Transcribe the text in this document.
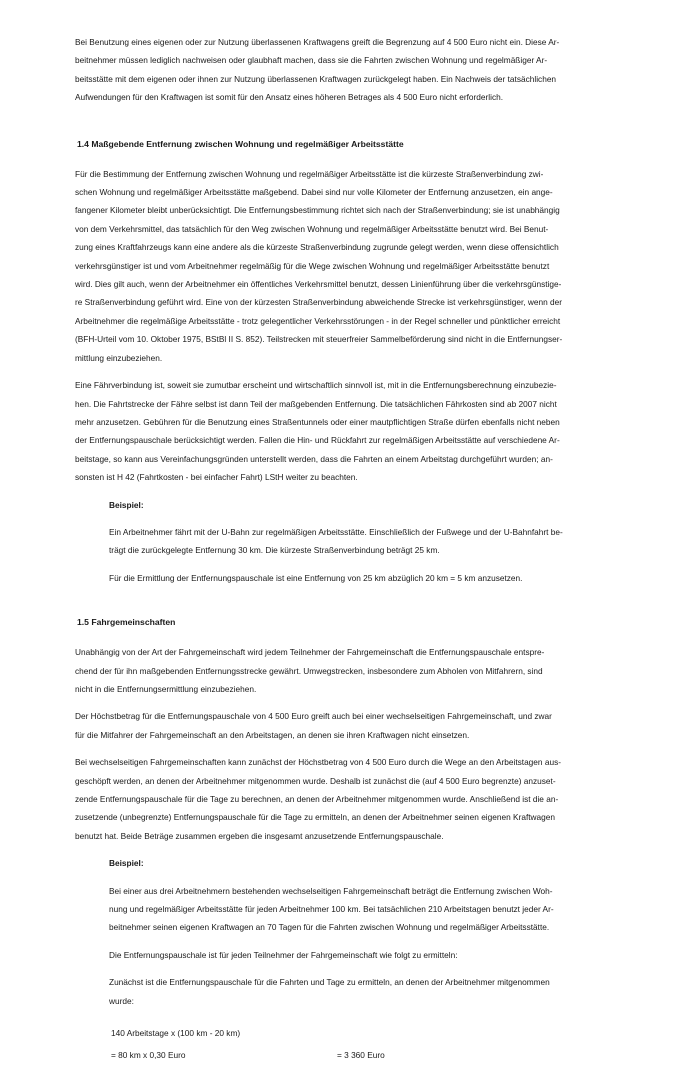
Bei Benutzung eines eigenen oder zur Nutzung überlassenen Kraftwagens greift die Begrenzung auf 4 500 Euro nicht ein. Diese Ar-
beitnehmer müssen lediglich nachweisen oder glaubhaft machen, dass sie die Fahrten zwischen Wohnung und regelmäßiger Ar-
beitsstätte mit dem eigenen oder ihnen zur Nutzung überlassenen Kraftwagen zurückgelegt haben. Ein Nachweis der tatsächlichen
Aufwendungen für den Kraftwagen ist somit für den Ansatz eines höheren Betrages als 4 500 Euro nicht erforderlich.

1.4 Maßgebende Entfernung zwischen Wohnung und regelmäßiger Arbeitsstätte

Für die Bestimmung der Entfernung zwischen Wohnung und regelmäßiger Arbeitsstätte ist die kürzeste Straßenverbindung zwi-
schen Wohnung und regelmäßiger Arbeitsstätte maßgebend. Dabei sind nur volle Kilometer der Entfernung anzusetzen, ein ange-
fangener Kilometer bleibt unberücksichtigt. Die Entfernungsbestimmung richtet sich nach der Straßenverbindung; sie ist unabhängig
von dem Verkehrsmittel, das tatsächlich für den Weg zwischen Wohnung und regelmäßiger Arbeitsstätte benutzt wird. Bei Benut-
zung eines Kraftfahrzeugs kann eine andere als die kürzeste Straßenverbindung zugrunde gelegt werden, wenn diese offensichtlich
verkehrsgünstiger ist und vom Arbeitnehmer regelmäßig für die Wege zwischen Wohnung und regelmäßiger Arbeitsstätte benutzt
wird. Dies gilt auch, wenn der Arbeitnehmer ein öffentliches Verkehrsmittel benutzt, dessen Linienführung über die verkehrsgünstige-
re Straßenverbindung geführt wird. Eine von der kürzesten Straßenverbindung abweichende Strecke ist verkehrsgünstiger, wenn der
Arbeitnehmer die regelmäßige Arbeitsstätte - trotz gelegentlicher Verkehrsstörungen - in der Regel schneller und pünktlicher erreicht
(BFH-Urteil vom 10. Oktober 1975, BStBl II S. 852). Teilstrecken mit steuerfreier Sammelbeförderung sind nicht in die Entfernungser-
mittlung einzubeziehen.

Eine Fährverbindung ist, soweit sie zumutbar erscheint und wirtschaftlich sinnvoll ist, mit in die Entfernungsberechnung einzubezie-
hen. Die Fahrtstrecke der Fähre selbst ist dann Teil der maßgebenden Entfernung. Die tatsächlichen Fährkosten sind ab 2007 nicht
mehr anzusetzen. Gebühren für die Benutzung eines Straßentunnels oder einer mautpflichtigen Straße dürfen ebenfalls nicht neben
der Entfernungspauschale berücksichtigt werden. Fallen die Hin- und Rückfahrt zur regelmäßigen Arbeitsstätte auf verschiedene Ar-
beitstage, so kann aus Vereinfachungsgründen unterstellt werden, dass die Fahrten an einem Arbeitstag durchgeführt wurden; an-
sonsten ist H 42 (Fahrtkosten - bei einfacher Fahrt) LStH weiter zu beachten.

Beispiel:

Ein Arbeitnehmer fährt mit der U-Bahn zur regelmäßigen Arbeitsstätte. Einschließlich der Fußwege und der U-Bahnfahrt be-
trägt die zurückgelegte Entfernung 30 km. Die kürzeste Straßenverbindung beträgt 25 km.

Für die Ermittlung der Entfernungspauschale ist eine Entfernung von 25 km abzüglich 20 km = 5 km anzusetzen.

1.5 Fahrgemeinschaften

Unabhängig von der Art der Fahrgemeinschaft wird jedem Teilnehmer der Fahrgemeinschaft die Entfernungspauschale entspre-
chend der für ihn maßgebenden Entfernungsstrecke gewährt. Umwegstrecken, insbesondere zum Abholen von Mitfahrern, sind
nicht in die Entfernungsermittlung einzubeziehen.

Der Höchstbetrag für die Entfernungspauschale von 4 500 Euro greift auch bei einer wechselseitigen Fahrgemeinschaft, und zwar
für die Mitfahrer der Fahrgemeinschaft an den Arbeitstagen, an denen sie ihren Kraftwagen nicht einsetzen.

Bei wechselseitigen Fahrgemeinschaften kann zunächst der Höchstbetrag von 4 500 Euro durch die Wege an den Arbeitstagen aus-
geschöpft werden, an denen der Arbeitnehmer mitgenommen wurde. Deshalb ist zunächst die (auf 4 500 Euro begrenzte) anzuset-
zende Entfernungspauschale für die Tage zu berechnen, an denen der Arbeitnehmer mitgenommen wurde. Anschließend ist die an-
zusetzende (unbegrenzte) Entfernungspauschale für die Tage zu ermitteln, an denen der Arbeitnehmer seinen eigenen Kraftwagen
benutzt hat. Beide Beträge zusammen ergeben die insgesamt anzusetzende Entfernungspauschale.

Beispiel:

Bei einer aus drei Arbeitnehmern bestehenden wechselseitigen Fahrgemeinschaft beträgt die Entfernung zwischen Woh-
nung und regelmäßiger Arbeitsstätte für jeden Arbeitnehmer 100 km. Bei tatsächlichen 210 Arbeitstagen benutzt jeder Ar-
beitnehmer seinen eigenen Kraftwagen an 70 Tagen für die Fahrten zwischen Wohnung und regelmäßiger Arbeitsstätte.

Die Entfernungspauschale ist für jeden Teilnehmer der Fahrgemeinschaft wie folgt zu ermitteln:

Zunächst ist die Entfernungspauschale für die Fahrten und Tage zu ermitteln, an denen der Arbeitnehmer mitgenommen
wurde:

140 Arbeitstage x (100 km - 20 km)
= 80 km x 0,30 Euro	= 3 360 Euro
